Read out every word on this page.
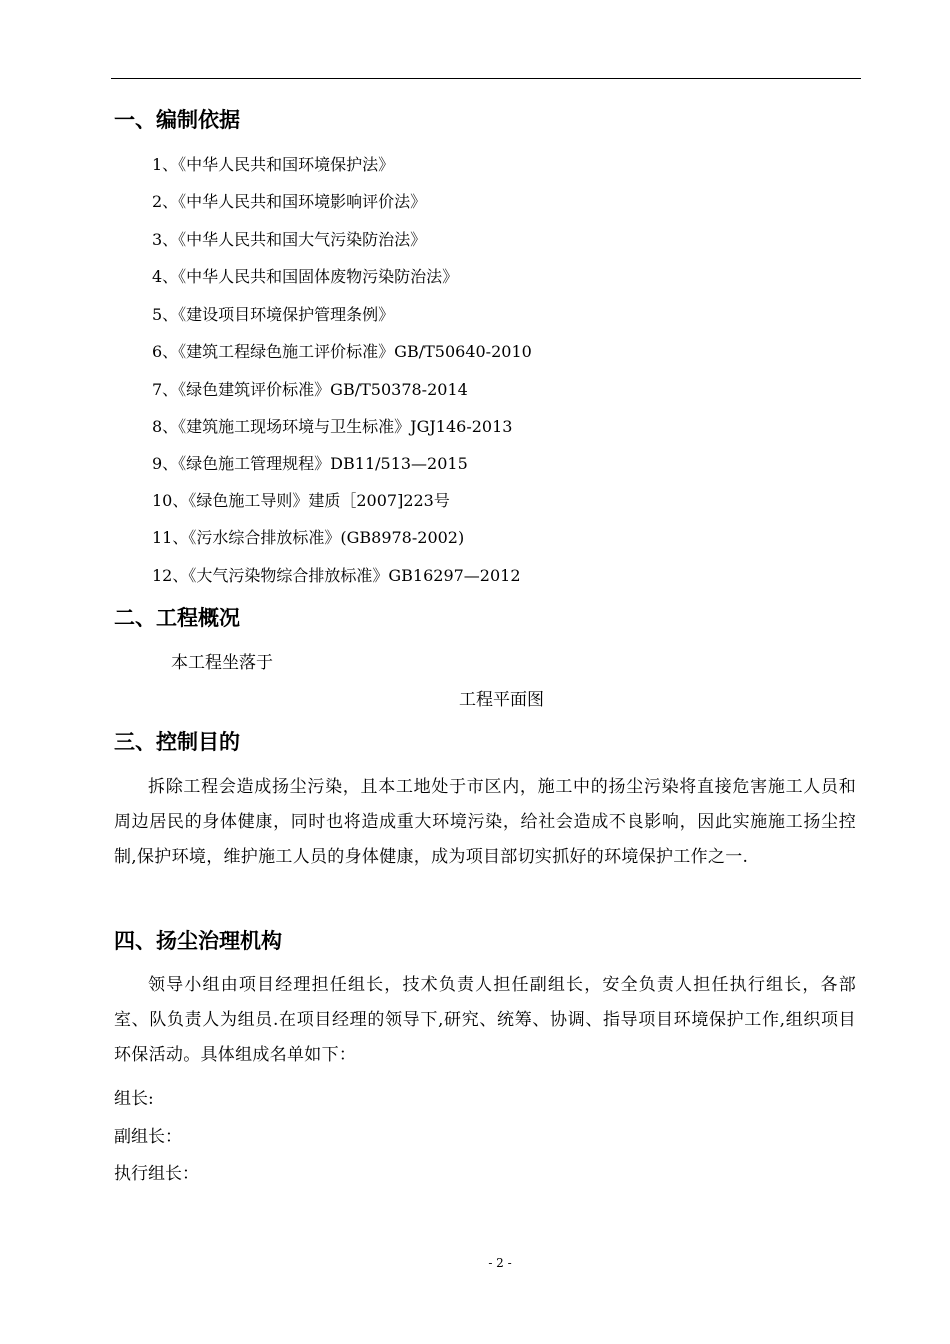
一、编制依据
1、《中华人民共和国环境保护法》
2、《中华人民共和国环境影响评价法》
3、《中华人民共和国大气污染防治法》
4、《中华人民共和国固体废物污染防治法》
5、《建设项目环境保护管理条例》
6、《建筑工程绿色施工评价标准》GB/T50640-2010
7、《绿色建筑评价标准》GB/T50378-2014
8、《建筑施工现场环境与卫生标准》JGJ146-2013
9、《绿色施工管理规程》DB11/513—2015
10、《绿色施工导则》建质［2007]223号
11、《污水综合排放标准》(GB8978-2002)
12、《大气污染物综合排放标准》GB16297—2012
二、工程概况
本工程坐落于
工程平面图
三、控制目的
拆除工程会造成扬尘污染，且本工地处于市区内，施工中的扬尘污染将直接危害施工人员和周边居民的身体健康，同时也将造成重大环境污染，给社会造成不良影响，因此实施施工扬尘控制,保护环境，维护施工人员的身体健康，成为项目部切实抓好的环境保护工作之一.
四、扬尘治理机构
领导小组由项目经理担任组长，技术负责人担任副组长，安全负责人担任执行组长，各部室、队负责人为组员.在项目经理的领导下,研究、统筹、协调、指导项目环境保护工作,组织项目环保活动。具体组成名单如下：
组长:
副组长：
执行组长：
- 2 -
